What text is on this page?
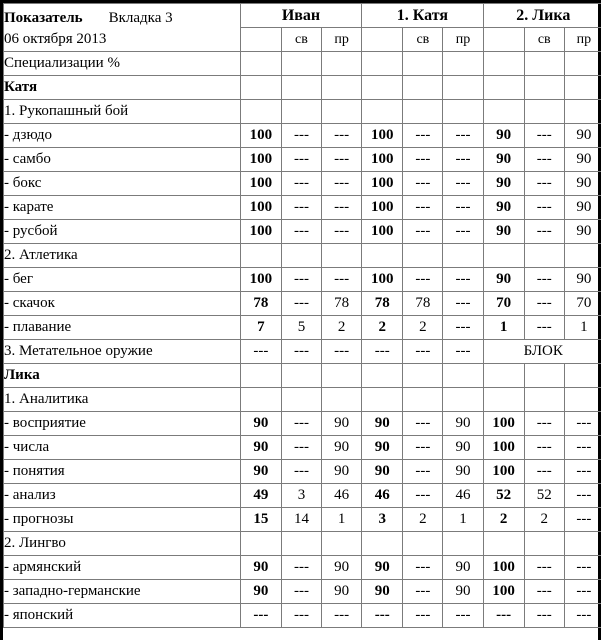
Показатель Вкладка 3
06 октября 2013	Иван			1. Катя			2. Лика		
		св	пр		св	пр		св	пр
Специализации %									
Катя									
1. Рукопашный бой									
- дзюдо	100	---	---	100	---	---	90	---	90
- самбо	100	---	---	100	---	---	90	---	90
- бокс	100	---	---	100	---	---	90	---	90
- карате	100	---	---	100	---	---	90	---	90
- русбой	100	---	---	100	---	---	90	---	90
2. Атлетика									
- бег	100	---	---	100	---	---	90	---	90
- скачок	78	---	78	78	78	---	70	---	70
- плавание	7	5	2	2	2	---	1	---	1
3. Метательное оружие	---	---	---	---	---	---	БЛОК		
Лика									
1. Аналитика									
- восприятие	90	---	90	90	---	90	100	---	---
- числа	90	---	90	90	---	90	100	---	---
- понятия	90	---	90	90	---	90	100	---	---
- анализ	49	3	46	46	---	46	52	52	---
- прогнозы	15	14	1	3	2	1	2	2	---
2. Лингво									
- армянский	90	---	90	90	---	90	100	---	---
- западно-германские	90	---	90	90	---	90	100	---	---
- японский	---	---	---	---	---	---	---	---	---
